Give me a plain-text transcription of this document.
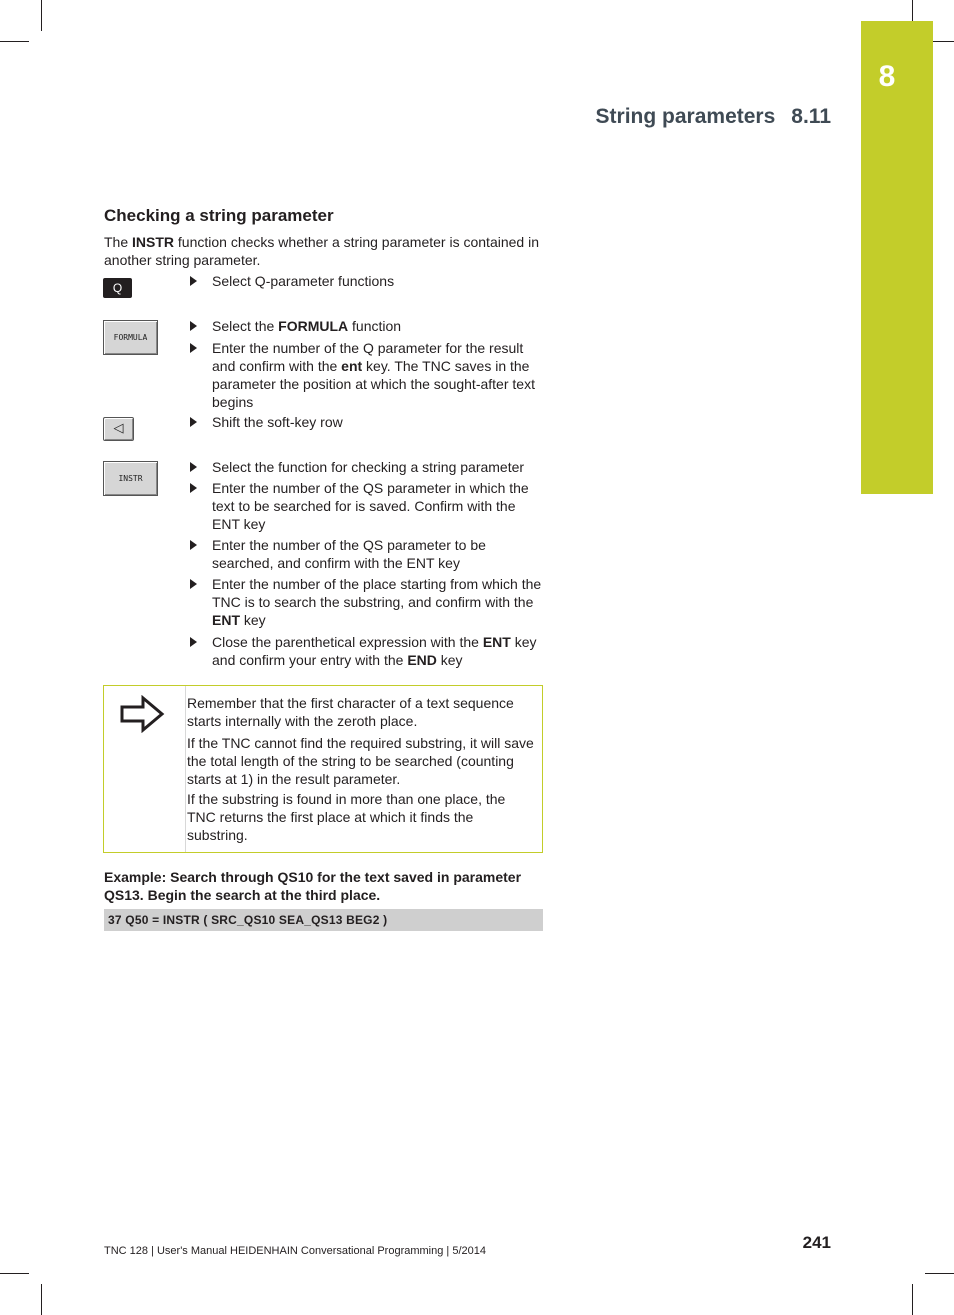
8
String parameters 8.11
Checking a string parameter

The INSTR function checks whether a string parameter is contained in another string parameter.

Q
FORMULA
◁
INSTR
Select Q-parameter functions
Select the FORMULA function
Enter the number of the Q parameter for the result and confirm with the ent key. The TNC saves in the parameter the position at which the sought-after text begins
Shift the soft-key row
Select the function for checking a string parameter
Enter the number of the QS parameter in which the text to be searched for is saved. Confirm with the ENT key
Enter the number of the QS parameter to be searched, and confirm with the ENT key
Enter the number of the place starting from which the TNC is to search the substring, and confirm with the ENT key
Close the parenthetical expression with the ENT key and confirm your entry with the END key
Remember that the first character of a text sequence starts internally with the zeroth place.
If the TNC cannot find the required substring, it will save the total length of the string to be searched (counting starts at 1) in the result parameter.
If the substring is found in more than one place, the TNC returns the first place at which it finds the substring.
Example: Search through QS10 for the text saved in parameter QS13. Begin the search at the third place.
37 Q50 = INSTR ( SRC_QS10 SEA_QS13 BEG2 )
TNC 128 | User's Manual HEIDENHAIN Conversational Programming | 5/2014	241
